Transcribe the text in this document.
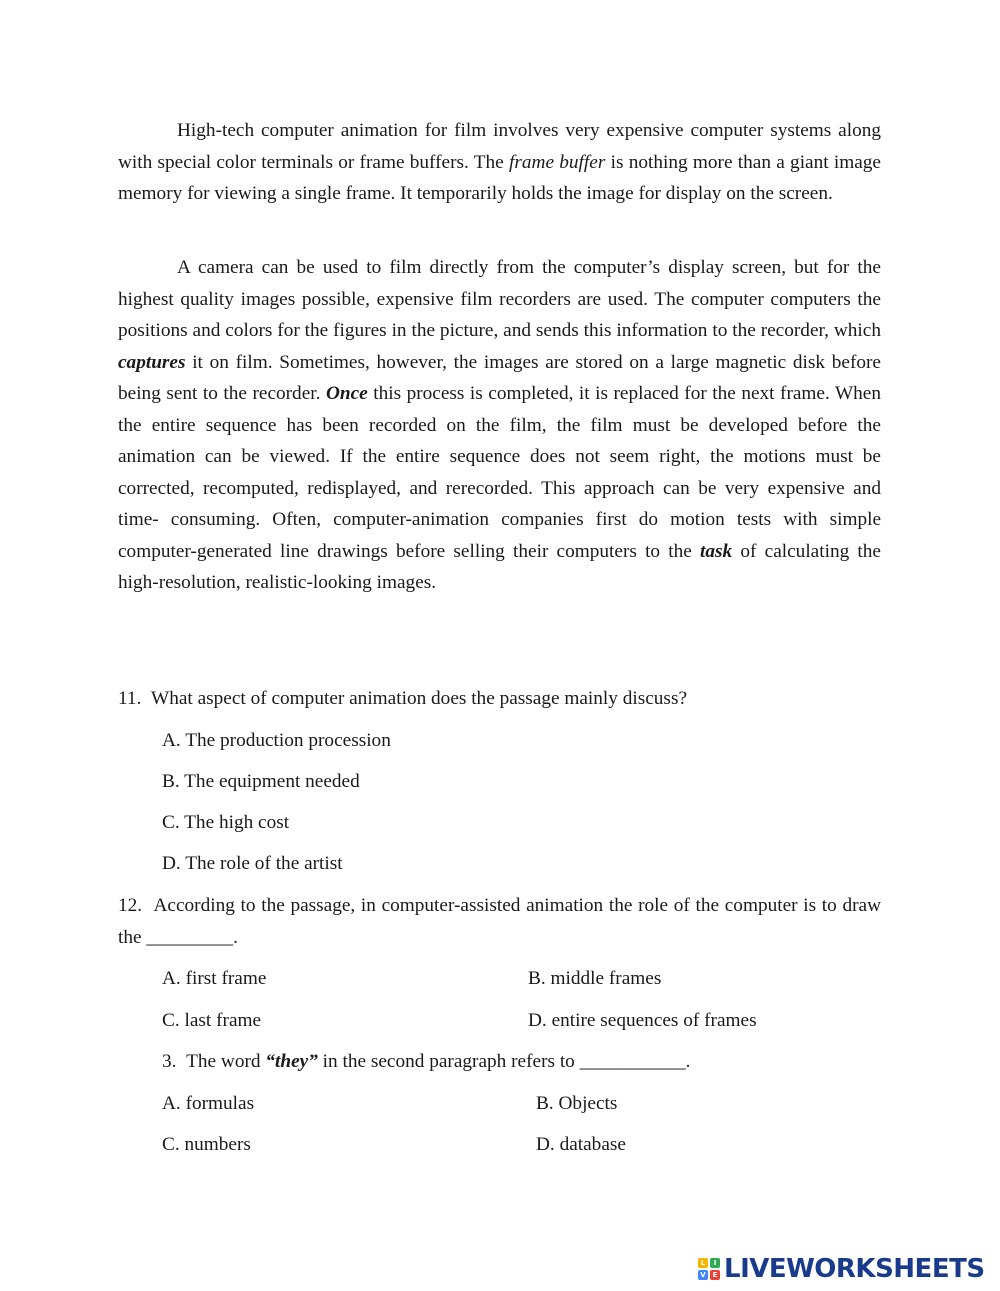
High-tech computer animation for film involves very expensive computer systems along with special color terminals or frame buffers. The frame buffer is nothing more than a giant image memory for viewing a single frame. It temporarily holds the image for display on the screen.

A camera can be used to film directly from the computer’s display screen, but for the highest quality images possible, expensive film recorders are used. The computer computers the positions and colors for the figures in the picture, and sends this information to the recorder, which captures it on film. Sometimes, however, the images are stored on a large magnetic disk before being sent to the recorder. Once this process is completed, it is replaced for the next frame. When the entire sequence has been recorded on the film, the film must be developed before the animation can be viewed. If the entire sequence does not seem right, the motions must be corrected, recomputed, redisplayed, and rerecorded. This approach can be very expensive and time- consuming. Often, computer-animation companies first do motion tests with simple computer-generated line drawings before selling their computers to the task of calculating the high-resolution, realistic-looking images.

11. What aspect of computer animation does the passage mainly discuss?
A. The production procession
B. The equipment needed
C. The high cost
D. The role of the artist

12. According to the passage, in computer-assisted animation the role of the computer is to draw the _________.

A. first frame	B. middle frames
C. last frame	D. entire sequences of frames
3. The word “they” in the second paragraph refers to ___________.
A. formulas	B. Objects
C. numbers	D. database
L	I
V E LIVEWORKSHEETS
